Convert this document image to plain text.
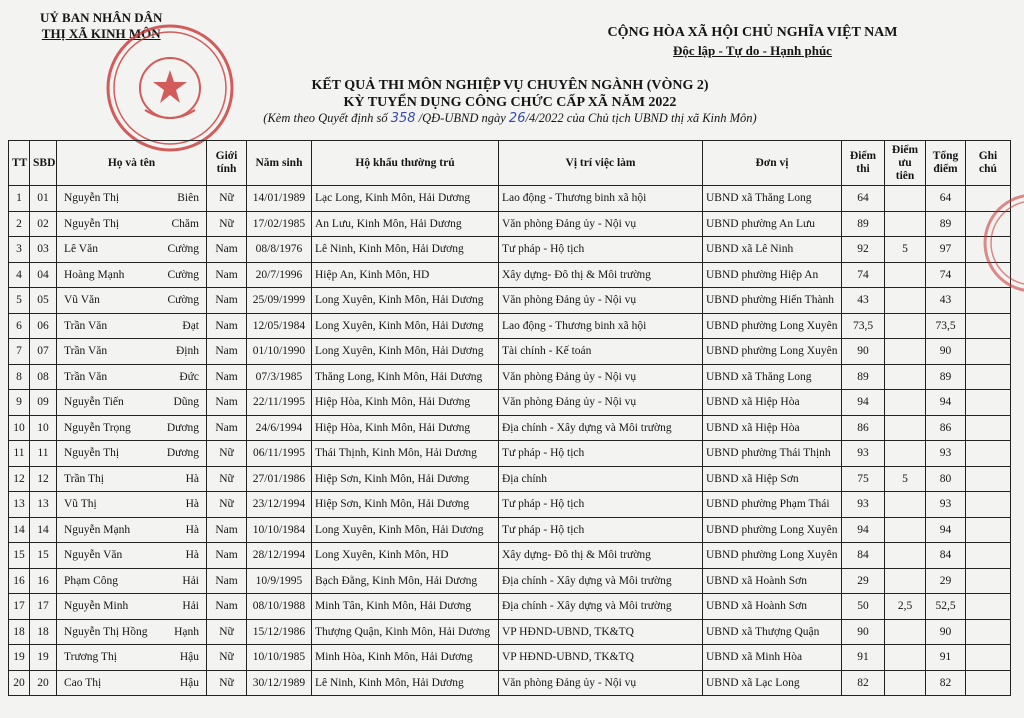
UỶ BAN NHÂN DÂN
THỊ XÃ KINH MÔN	CỘNG HÒA XÃ HỘI CHỦ NGHĨA VIỆT NAM
Độc lập - Tự do - Hạnh phúc
KẾT QUẢ THI MÔN NGHIỆP VỤ CHUYÊN NGÀNH (VÒNG 2)
KỲ TUYỂN DỤNG CÔNG CHỨC CẤP XÃ NĂM 2022
(Kèm theo Quyết định số 358 /QĐ-UBND ngày 26/4/2022 của Chủ tịch UBND thị xã Kinh Môn)
TT	SBD	Họ và tên	Giới tính	Năm sinh	Hộ khẩu thường trú	Vị trí việc làm	Đơn vị	Điểm thi	Điểm ưu tiên	Tổng điểm	Ghi chú
1	01	Nguyễn Thị Biên	Nữ	14/01/1989	Lạc Long, Kinh Môn, Hải Dương	Lao động - Thương binh xã hội	UBND xã Thăng Long	64		64	
2	02	Nguyễn Thị Chăm	Nữ	17/02/1985	An Lưu, Kinh Môn, Hải Dương	Văn phòng Đảng ủy - Nội vụ	UBND phường An Lưu	89		89	
3	03	Lê Văn Cường	Nam	08/8/1976	Lê Ninh, Kinh Môn, Hải Dương	Tư pháp - Hộ tịch	UBND xã Lê Ninh	92	5	97	
4	04	Hoàng Mạnh Cường	Nam	20/7/1996	Hiệp An, Kinh Môn, HD	Xây dựng- Đô thị & Môi trường	UBND phường Hiệp An	74		74	
5	05	Vũ Văn Cường	Nam	25/09/1999	Long Xuyên, Kinh Môn, Hải Dương	Văn phòng Đảng ủy - Nội vụ	UBND phường Hiến Thành	43		43	
6	06	Trần Văn Đạt	Nam	12/05/1984	Long Xuyên, Kinh Môn, Hải Dương	Lao động - Thương binh xã hội	UBND phường Long Xuyên	73,5		73,5	
7	07	Trần Văn Định	Nam	01/10/1990	Long Xuyên, Kinh Môn, Hải Dương	Tài chính - Kế toán	UBND phường Long Xuyên	90		90	
8	08	Trần Văn Đức	Nam	07/3/1985	Thăng Long, Kinh Môn, Hải Dương	Văn phòng Đảng ủy - Nội vụ	UBND xã Thăng Long	89		89	
9	09	Nguyễn Tiến Dũng	Nam	22/11/1995	Hiệp Hòa, Kinh Môn, Hải Dương	Văn phòng Đảng ủy - Nội vụ	UBND xã Hiệp Hòa	94		94	
10	10	Nguyễn Trọng Dương	Nam	24/6/1994	Hiệp Hòa, Kinh Môn, Hải Dương	Địa chính - Xây dựng và Môi trường	UBND xã Hiệp Hòa	86		86	
11	11	Nguyễn Thị Dương	Nữ	06/11/1995	Thái Thịnh, Kinh Môn, Hải Dương	Tư pháp - Hộ tịch	UBND phường Thái Thịnh	93		93	
12	12	Trần Thị Hà	Nữ	27/01/1986	Hiệp Sơn, Kinh Môn, Hải Dương	Địa chính	UBND xã Hiệp Sơn	75	5	80	
13	13	Vũ Thị Hà	Nữ	23/12/1994	Hiệp Sơn, Kinh Môn, Hải Dương	Tư pháp - Hộ tịch	UBND phường Phạm Thái	93		93	
14	14	Nguyễn Mạnh Hà	Nam	10/10/1984	Long Xuyên, Kinh Môn, Hải Dương	Tư pháp - Hộ tịch	UBND phường Long Xuyên	94		94	
15	15	Nguyễn Văn Hà	Nam	28/12/1994	Long Xuyên, Kinh Môn, HD	Xây dựng- Đô thị & Môi trường	UBND phường Long Xuyên	84		84	
16	16	Phạm Công Hải	Nam	10/9/1995	Bạch Đằng, Kinh Môn, Hải Dương	Địa chính - Xây dựng và Môi trường	UBND xã Hoành Sơn	29		29	
17	17	Nguyễn Minh Hải	Nam	08/10/1988	Minh Tân, Kinh Môn, Hải Dương	Địa chính - Xây dựng và Môi trường	UBND xã Hoành Sơn	50	2,5	52,5	
18	18	Nguyễn Thị Hồng Hạnh	Nữ	15/12/1986	Thượng Quận, Kinh Môn, Hải Dương	VP HĐND-UBND, TK&TQ	UBND xã Thượng Quận	90		90	
19	19	Trương Thị Hậu	Nữ	10/10/1985	Minh Hòa, Kinh Môn, Hải Dương	VP HĐND-UBND, TK&TQ	UBND xã Minh Hòa	91		91	
20	20	Cao Thị Hậu	Nữ	30/12/1989	Lê Ninh, Kinh Môn, Hải Dương	Văn phòng Đảng ủy - Nội vụ	UBND xã Lạc Long	82		82	
